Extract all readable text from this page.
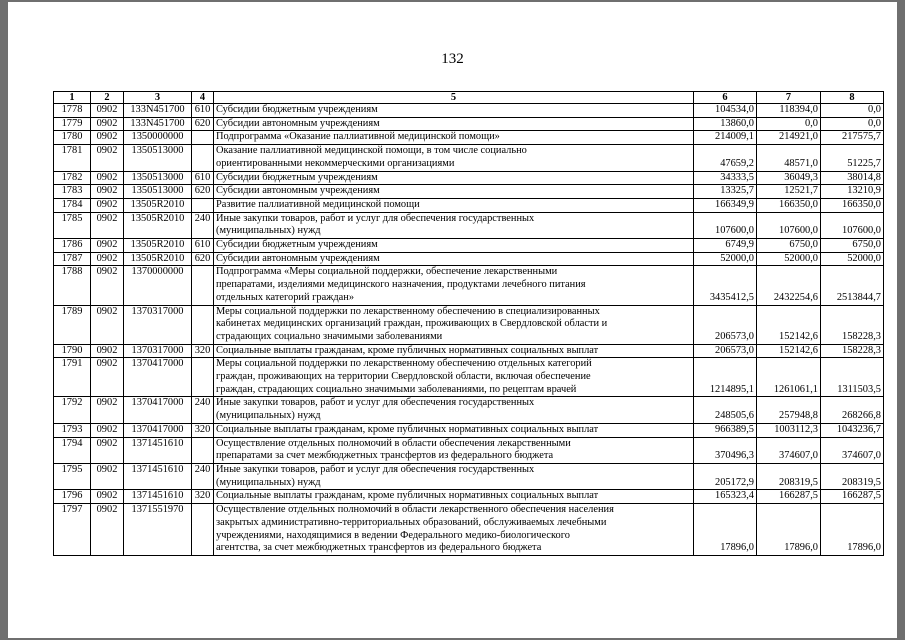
132
1	2	3	4	5	6	7	8
1778	0902	133N451700	610	Субсидии бюджетным учреждениям	104534,0	118394,0	0,0
1779	0902	133N451700	620	Субсидии автономным учреждениям	13860,0	0,0	0,0
1780	0902	1350000000		Подпрограмма «Оказание паллиативной медицинской помощи»	214009,1	214921,0	217575,7
1781	0902	1350513000		Оказание паллиативной медицинской помощи, в том числе социально
ориентированными некоммерческими организациями	47659,2	48571,0	51225,7
1782	0902	1350513000	610	Субсидии бюджетным учреждениям	34333,5	36049,3	38014,8
1783	0902	1350513000	620	Субсидии автономным учреждениям	13325,7	12521,7	13210,9
1784	0902	13505R2010		Развитие паллиативной медицинской помощи	166349,9	166350,0	166350,0
1785	0902	13505R2010	240	Иные закупки товаров, работ и услуг для обеспечения государственных
(муниципальных) нужд	107600,0	107600,0	107600,0
1786	0902	13505R2010	610	Субсидии бюджетным учреждениям	6749,9	6750,0	6750,0
1787	0902	13505R2010	620	Субсидии автономным учреждениям	52000,0	52000,0	52000,0
1788	0902	1370000000		Подпрограмма «Меры социальной поддержки, обеспечение лекарственными
препаратами, изделиями медицинского назначения, продуктами лечебного питания
отдельных категорий граждан»	3435412,5	2432254,6	2513844,7
1789	0902	1370317000		Меры социальной поддержки по лекарственному обеспечению в специализированных
кабинетах медицинских организаций граждан, проживающих в Свердловской области и
страдающих социально значимыми заболеваниями	206573,0	152142,6	158228,3
1790	0902	1370317000	320	Социальные выплаты гражданам, кроме публичных нормативных социальных выплат	206573,0	152142,6	158228,3
1791	0902	1370417000		Меры социальной поддержки по лекарственному обеспечению отдельных категорий
граждан, проживающих на территории Свердловской области, включая обеспечение
граждан, страдающих социально значимыми заболеваниями, по рецептам врачей	1214895,1	1261061,1	1311503,5
1792	0902	1370417000	240	Иные закупки товаров, работ и услуг для обеспечения государственных
(муниципальных) нужд	248505,6	257948,8	268266,8
1793	0902	1370417000	320	Социальные выплаты гражданам, кроме публичных нормативных социальных выплат	966389,5	1003112,3	1043236,7
1794	0902	1371451610		Осуществление отдельных полномочий в области обеспечения лекарственными
препаратами за счет межбюджетных трансфертов из федерального бюджета	370496,3	374607,0	374607,0
1795	0902	1371451610	240	Иные закупки товаров, работ и услуг для обеспечения государственных
(муниципальных) нужд	205172,9	208319,5	208319,5
1796	0902	1371451610	320	Социальные выплаты гражданам, кроме публичных нормативных социальных выплат	165323,4	166287,5	166287,5
1797	0902	1371551970		Осуществление отдельных полномочий в области лекарственного обеспечения населения
закрытых административно-территориальных образований, обслуживаемых лечебными
учреждениями, находящимися в ведении Федерального медико-биологического
агентства, за счет межбюджетных трансфертов из федерального бюджета	17896,0	17896,0	17896,0
